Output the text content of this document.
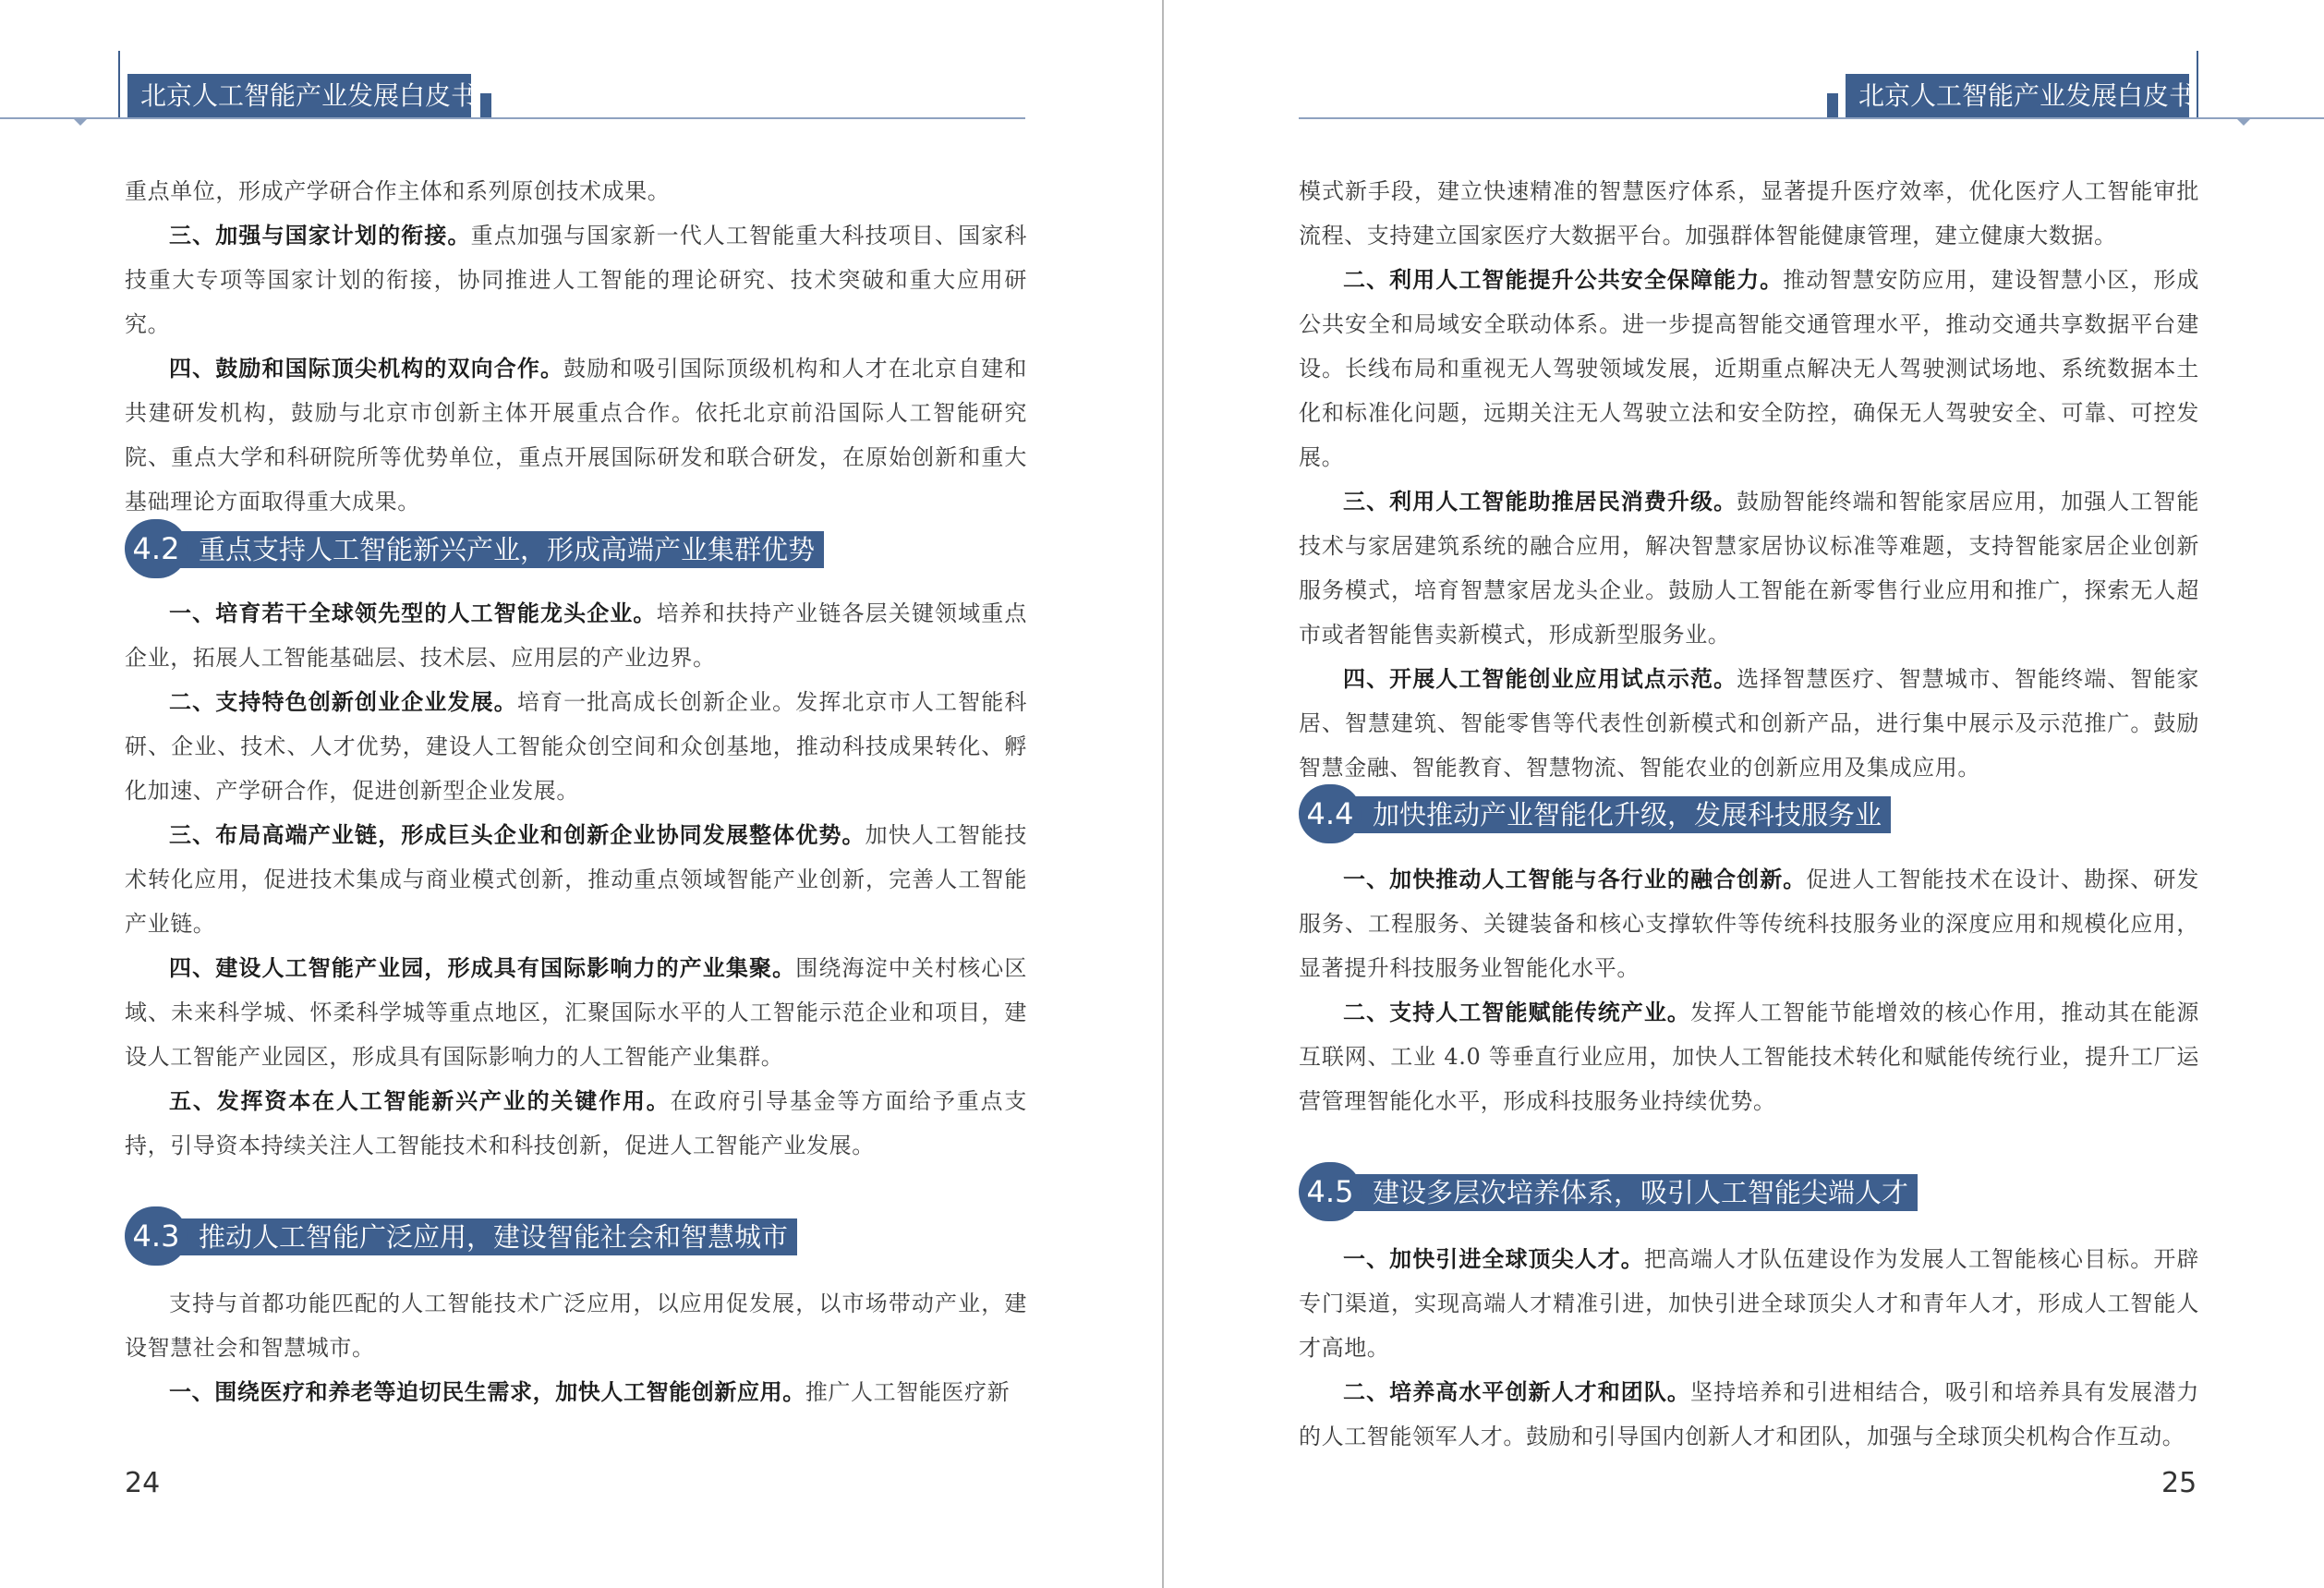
北京人工智能产业发展白皮书

重点单位，形成产学研合作主体和系列原创技术成果。

三、加强与国家计划的衔接。重点加强与国家新一代人工智能重大科技项目、国家科技重大专项等国家计划的衔接，协同推进人工智能的理论研究、技术突破和重大应用研究。

四、鼓励和国际顶尖机构的双向合作。鼓励和吸引国际顶级机构和人才在北京自建和共建研发机构，鼓励与北京市创新主体开展重点合作。依托北京前沿国际人工智能研究院、重点大学和科研院所等优势单位，重点开展国际研发和联合研发，在原始创新和重大基础理论方面取得重大成果。

重点支持人工智能新兴产业，形成高端产业集群优势
4.2

一、培育若干全球领先型的人工智能龙头企业。培养和扶持产业链各层关键领域重点企业，拓展人工智能基础层、技术层、应用层的产业边界。

二、支持特色创新创业企业发展。培育一批高成长创新企业。发挥北京市人工智能科研、企业、技术、人才优势，建设人工智能众创空间和众创基地，推动科技成果转化、孵化加速、产学研合作，促进创新型企业发展。

三、布局高端产业链，形成巨头企业和创新企业协同发展整体优势。加快人工智能技术转化应用，促进技术集成与商业模式创新，推动重点领域智能产业创新，完善人工智能产业链。

四、建设人工智能产业园，形成具有国际影响力的产业集聚。围绕海淀中关村核心区域、未来科学城、怀柔科学城等重点地区，汇聚国际水平的人工智能示范企业和项目，建设人工智能产业园区，形成具有国际影响力的人工智能产业集群。

五、发挥资本在人工智能新兴产业的关键作用。在政府引导基金等方面给予重点支持，引导资本持续关注人工智能技术和科技创新，促进人工智能产业发展。

推动人工智能广泛应用，建设智能社会和智慧城市
4.3

支持与首都功能匹配的人工智能技术广泛应用，以应用促发展，以市场带动产业，建设智慧社会和智慧城市。

一、围绕医疗和养老等迫切民生需求，加快人工智能创新应用。推广人工智能医疗新

24
北京人工智能产业发展白皮书

模式新手段，建立快速精准的智慧医疗体系，显著提升医疗效率，优化医疗人工智能审批流程、支持建立国家医疗大数据平台。加强群体智能健康管理，建立健康大数据。

二、利用人工智能提升公共安全保障能力。推动智慧安防应用，建设智慧小区，形成公共安全和局域安全联动体系。进一步提高智能交通管理水平，推动交通共享数据平台建设。长线布局和重视无人驾驶领域发展，近期重点解决无人驾驶测试场地、系统数据本土化和标准化问题，远期关注无人驾驶立法和安全防控，确保无人驾驶安全、可靠、可控发展。

三、利用人工智能助推居民消费升级。鼓励智能终端和智能家居应用，加强人工智能技术与家居建筑系统的融合应用，解决智慧家居协议标准等难题，支持智能家居企业创新服务模式，培育智慧家居龙头企业。鼓励人工智能在新零售行业应用和推广，探索无人超市或者智能售卖新模式，形成新型服务业。

四、开展人工智能创业应用试点示范。选择智慧医疗、智慧城市、智能终端、智能家居、智慧建筑、智能零售等代表性创新模式和创新产品，进行集中展示及示范推广。鼓励智慧金融、智能教育、智慧物流、智能农业的创新应用及集成应用。

加快推动产业智能化升级，发展科技服务业
4.4

一、加快推动人工智能与各行业的融合创新。促进人工智能技术在设计、勘探、研发服务、工程服务、关键装备和核心支撑软件等传统科技服务业的深度应用和规模化应用，显著提升科技服务业智能化水平。

二、支持人工智能赋能传统产业。发挥人工智能节能增效的核心作用，推动其在能源互联网、工业 4.0 等垂直行业应用，加快人工智能技术转化和赋能传统行业，提升工厂运营管理智能化水平，形成科技服务业持续优势。

建设多层次培养体系，吸引人工智能尖端人才
4.5

一、加快引进全球顶尖人才。把高端人才队伍建设作为发展人工智能核心目标。开辟专门渠道，实现高端人才精准引进，加快引进全球顶尖人才和青年人才，形成人工智能人才高地。

二、培养高水平创新人才和团队。坚持培养和引进相结合，吸引和培养具有发展潜力的人工智能领军人才。鼓励和引导国内创新人才和团队，加强与全球顶尖机构合作互动。

25
